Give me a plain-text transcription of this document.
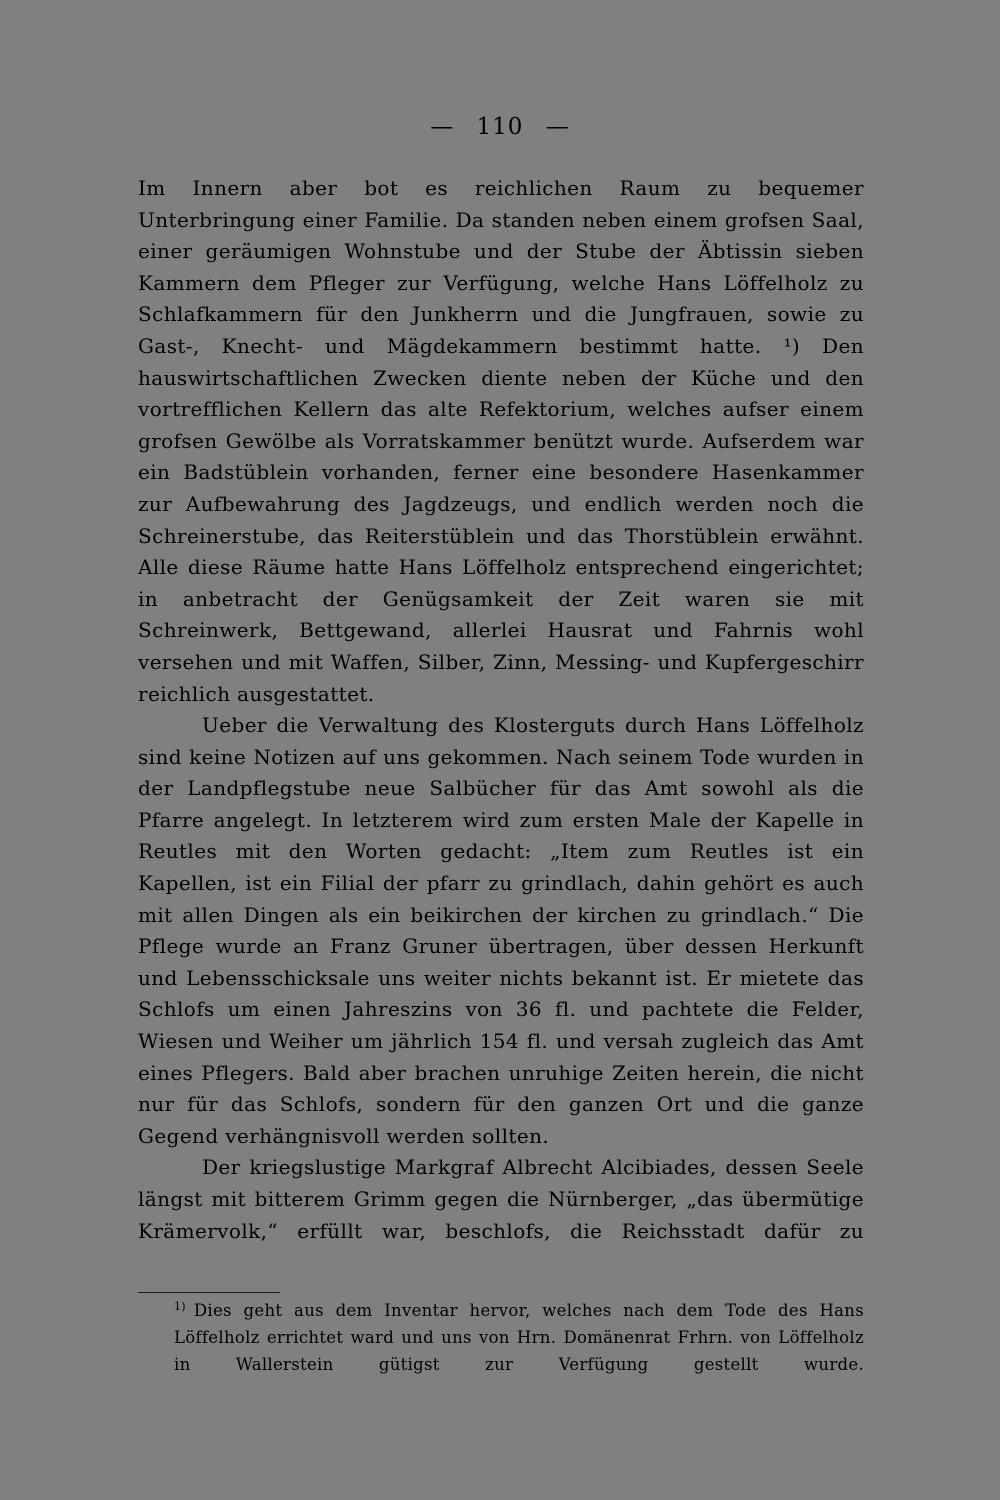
— 110 —

Im Innern aber bot es reichlichen Raum zu bequemer Unterbringung einer Familie. Da standen neben einem grofsen Saal, einer geräumigen Wohnstube und der Stube der Äbtissin sieben Kammern dem Pfleger zur Verfügung, welche Hans Löffelholz zu Schlafkammern für den Junkherrn und die Jungfrauen, sowie zu Gast-, Knecht- und Mägdekammern bestimmt hatte. ¹) Den hauswirtschaftlichen Zwecken diente neben der Küche und den vortrefflichen Kellern das alte Refektorium, welches aufser einem grofsen Gewölbe als Vorratskammer benützt wurde. Aufserdem war ein Badstüblein vorhanden, ferner eine besondere Hasenkammer zur Aufbewahrung des Jagdzeugs, und endlich werden noch die Schreinerstube, das Reiterstüblein und das Thorstüblein erwähnt. Alle diese Räume hatte Hans Löffelholz entsprechend eingerichtet; in anbetracht der Genügsamkeit der Zeit waren sie mit Schreinwerk, Bettgewand, allerlei Hausrat und Fahrnis wohl versehen und mit Waffen, Silber, Zinn, Messing- und Kupfergeschirr reichlich ausgestattet.

Ueber die Verwaltung des Klosterguts durch Hans Löffelholz sind keine Notizen auf uns gekommen. Nach seinem Tode wurden in der Landpflegstube neue Salbücher für das Amt sowohl als die Pfarre angelegt. In letzterem wird zum ersten Male der Kapelle in Reutles mit den Worten gedacht: „Item zum Reutles ist ein Kapellen, ist ein Filial der pfarr zu grindlach, dahin gehört es auch mit allen Dingen als ein beikirchen der kirchen zu grindlach.“ Die Pflege wurde an Franz Gruner übertragen, über dessen Herkunft und Lebensschicksale uns weiter nichts bekannt ist. Er mietete das Schlofs um einen Jahreszins von 36 fl. und pachtete die Felder, Wiesen und Weiher um jährlich 154 fl. und versah zugleich das Amt eines Pflegers. Bald aber brachen unruhige Zeiten herein, die nicht nur für das Schlofs, sondern für den ganzen Ort und die ganze Gegend verhängnisvoll werden sollten.

Der kriegslustige Markgraf Albrecht Alcibiades, dessen Seele längst mit bitterem Grimm gegen die Nürnberger, „das übermütige Krämervolk,“ erfüllt war, beschlofs, die Reichsstadt dafür zu

$^{1)}$ Dies geht aus dem Inventar hervor, welches nach dem Tode des Hans Löffelholz errichtet ward und uns von Hrn. Domänenrat Frhrn. von Löffelholz in Wallerstein gütigst zur Verfügung gestellt wurde.
